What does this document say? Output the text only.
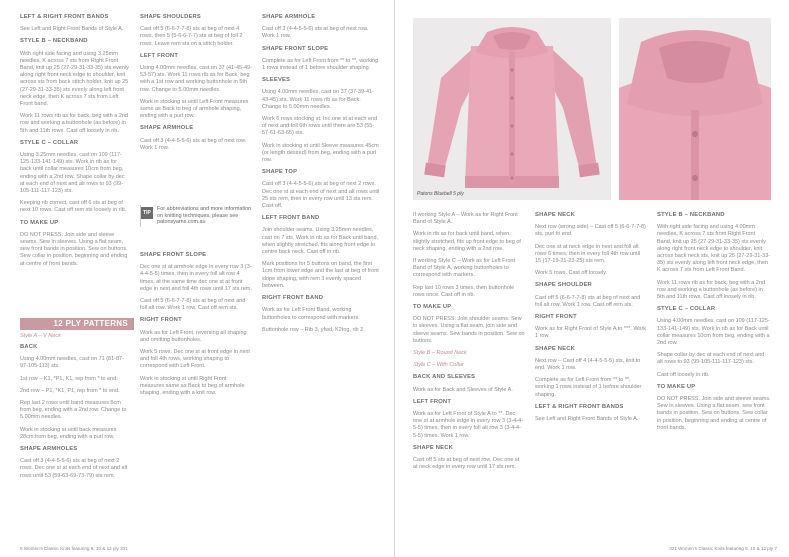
LEFT & RIGHT FRONT BANDS

See Left and Right Front Bands of Style A.

STYLE B – NECKBAND

With right side facing and using 3.25mm needles, K across 7 sts from Right Front Band, knit up 25 (27-29-31-33-35) sts evenly along right front neck edge to shoulder, knit across sts from back stitch holder, knit up 25 (27-29-31-33-35) sts evenly along left front neck edge, then K across 7 sts from Left Front band.

Work 11 rows rib as for back, beg with a 2nd row and working a buttonhole (as before) in 5th and 11th rows. Cast off loosely in rib.

STYLE C – COLLAR

Using 3.25mm needles, cast on 109 (117-125-133-141-149) sts. Work in rib as for back until collar measures 10cm from beg, ending with a 2nd row. Shape collar by dec at each end of next and alt rows to 93 (99-105-111-117-123) sts.

Keeping rib correct, cast off 6 sts at beg of next 10 rows. Cast off rem sts loosely in rib.

TO MAKE UP

DO NOT PRESS. Join side and sleeve seams. Sew in sleeves. Using a flat seam, sew front bands in position. Sew on buttons. Sew collar in position, beginning and ending at centre of front bands.

BACK

Using 4.00mm needles, cast on 71 (81-87-97-105-113) sts.

1st row – K1, *P1, K1, rep from * to end.

2nd row – P1, *K1, P1, rep from * to end.

Rep last 2 rows until band measures 5cm from beg, ending with a 2nd row. Change to 5.00mm needles.

Work in stocking st until back measures 28cm from beg, ending with a purl row.

SHAPE ARMHOLES

Cast off 3 (4-4-5-5-6) sts at beg of next 2 rows. Dec one st at each end of next and alt rows until 53 (59-63-69-73-79) sts rem.

12 PLY PATTERNS
Style A – V Neck

SHAPE SHOULDERS

Cast off 5 (6-6-7-7-8) sts at beg of next 4 rows, then 5 (5-6-6-7-7) sts at beg of foll 2 rows. Leave rem sts on a stitch holder.

LEFT FRONT

Using 4.00mm needles, cast on 37 (41-45-49-53-57) sts. Work 11 rows rib as for Back, beg with a 1st row and working buttonhole in 5th row. Change to 5.00mm needles.

Work in stocking st until Left Front measures same as Back to beg of armhole shaping, ending with a purl row.

SHAPE ARMHOLE

Cast off 3 (4-4-5-5-6) sts at beg of next row. Work 1 row.

TIP
For abbreviations and more information on knitting techniques, please see patonsyarns.com.au

SHAPE FRONT SLOPE

Dec one st at armhole edge in every row 3 (3-4-4-5-5) times, then in every foll alt row 4 times, at the same time dec one st at front edge in next and foll 4th rows until 17 sts rem.

Cast off 5 (6-6-7-7-8) sts at beg of next and foll alt row. Work 1 row. Cast off rem sts.

RIGHT FRONT

Work as for Left Front, reversing all shaping and omitting buttonholes.

Work 5 rows. Dec one st at front edge in next and foll 4th rows, working shaping to correspond with Left Front.

Work in stocking st until Right Front measures same as Back to beg of armhole shaping, ending with a knit row.

SHAPE ARMHOLE

Cast off 3 (4-4-5-5-6) sts at beg of next row. Work 1 row.

SHAPE FRONT SLOPE

Complete as for Left Front from ** to **, working 1 rows instead of 1 before shoulder shaping.

SLEEVES

Using 4.00mm needles, cast on 37 (37-39-41-43-45) sts. Work 11 rows rib as for Back. Change to 5.00mm needles.

Work 6 rows stocking st. Inc one st at each end of next and foll 6th rows until there are 53 (55-57-61-63-65) sts.

Work in stocking st until Sleeve measures 45cm (or length desired) from beg, ending with a purl row.

SHAPE TOP

Cast off 3 (4-4-5-5-6) sts at beg of next 2 rows. Dec one st at each end of next and alt rows until 25 sts rem, then in every row until 13 sts rem. Cast off.

LEFT FRONT BAND

Join shoulder seams. Using 3.25mm needles, cast on 7 sts. Work in rib as for Back until band, when slightly stretched, fits along front edge to centre back neck. Cast off in rib.

Mark positions for 5 buttons on band, the first 1cm from lower edge and the last at beg of front slope shaping, with rem 3 evenly spaced between.

RIGHT FRONT BAND

Work as for Left Front Band, working buttonholes to correspond with markers.

Buttonhole row – Rib 3, yfwd, K2tog, rib 2.

8 Women's Classic Knits featuring 8, 10 & 12 ply 331
Patons Bluebell 5 ply

If working Style A – Work as for Right Front Band of Style A.

Work in rib as for back until band, when slightly stretched, fits up front edge to beg of neck shaping, ending with a 2nd row.

If working Style C – Work as for Left Front Band of Style A, working buttonholes to correspond with markers.

Rep last 10 rows 3 times, then buttonhole rows once. Cast off in rib.

TO MAKE UP

DO NOT PRESS. Join shoulder seams. Sew in sleeves. Using a flat seam, join side and sleeve seams. Sew bands in position. Sew on buttons.

Style B – Round Neck

Style C – With Collar

BACK AND SLEEVES

Work as for Back and Sleeves of Style A.

LEFT FRONT

Work as for Left Front of Style A to **. Dec one st at armhole edge in every row 3 (3-4-4-5-5) times, then in every foll alt row 3 (3-4-4-5-5) times. Work 1 row.

SHAPE NECK

Cast off 5 sts at beg of next row. Dec one st at neck edge in every row until 17 sts rem.

SHAPE NECK

Next row (wrong side) – Cast off 5 (6-6-7-7-8) sts, purl to end.

Dec one st at neck edge in next and foll alt rows 6 times, then in every foll 4th row until 15 (17-19-21-23-25) sts rem.

Work 5 rows. Cast off loosely.

SHAPE SHOULDER

Cast off 5 (6-6-7-7-8) sts at beg of next and foll alt row. Work 1 row. Cast off rem sts.

RIGHT FRONT

Work as for Right Front of Style A to ***. Work 1 row.

SHAPE NECK

Next row – Cast off 4 (4-4-5-5-5) sts, knit to end. Work 1 row.

Complete as for Left Front from ** to **, working 1 rows instead of 1 before shoulder shaping.

LEFT & RIGHT FRONT BANDS

See Left and Right Front Bands of Style A.

STYLE B – NECKBAND

With right side facing and using 4.00mm needles, K across 7 sts from Right Front Band, knit up 25 (27-29-31-33-35) sts evenly along right front neck edge to shoulder, knit across back neck sts, knit up 25 (27-29-31-33-35) sts evenly along left front neck edge, then K across 7 sts from Left Front Band.

Work 11 rows rib as for back, beg with a 2nd row and working a buttonhole (as before) in 5th and 11th rows. Cast off loosely in rib.

STYLE C – COLLAR

Using 4.00mm needles, cast on 109 (117-125-133-141-149) sts. Work in rib as for Back until collar measures 10cm from beg, ending with a 2nd row.

Shape collar by dec at each end of next and alt rows to 93 (99-105-111-117-123) sts.

Cast off loosely in rib.

TO MAKE UP

DO NOT PRESS. Join side and sleeve seams. Sew in sleeves. Using a flat seam, sew front bands in position. Sew on buttons. Sew collar in position, beginning and ending at centre of front bands.

331 Women's Classic Knits featuring 8, 10 & 12 ply 7
